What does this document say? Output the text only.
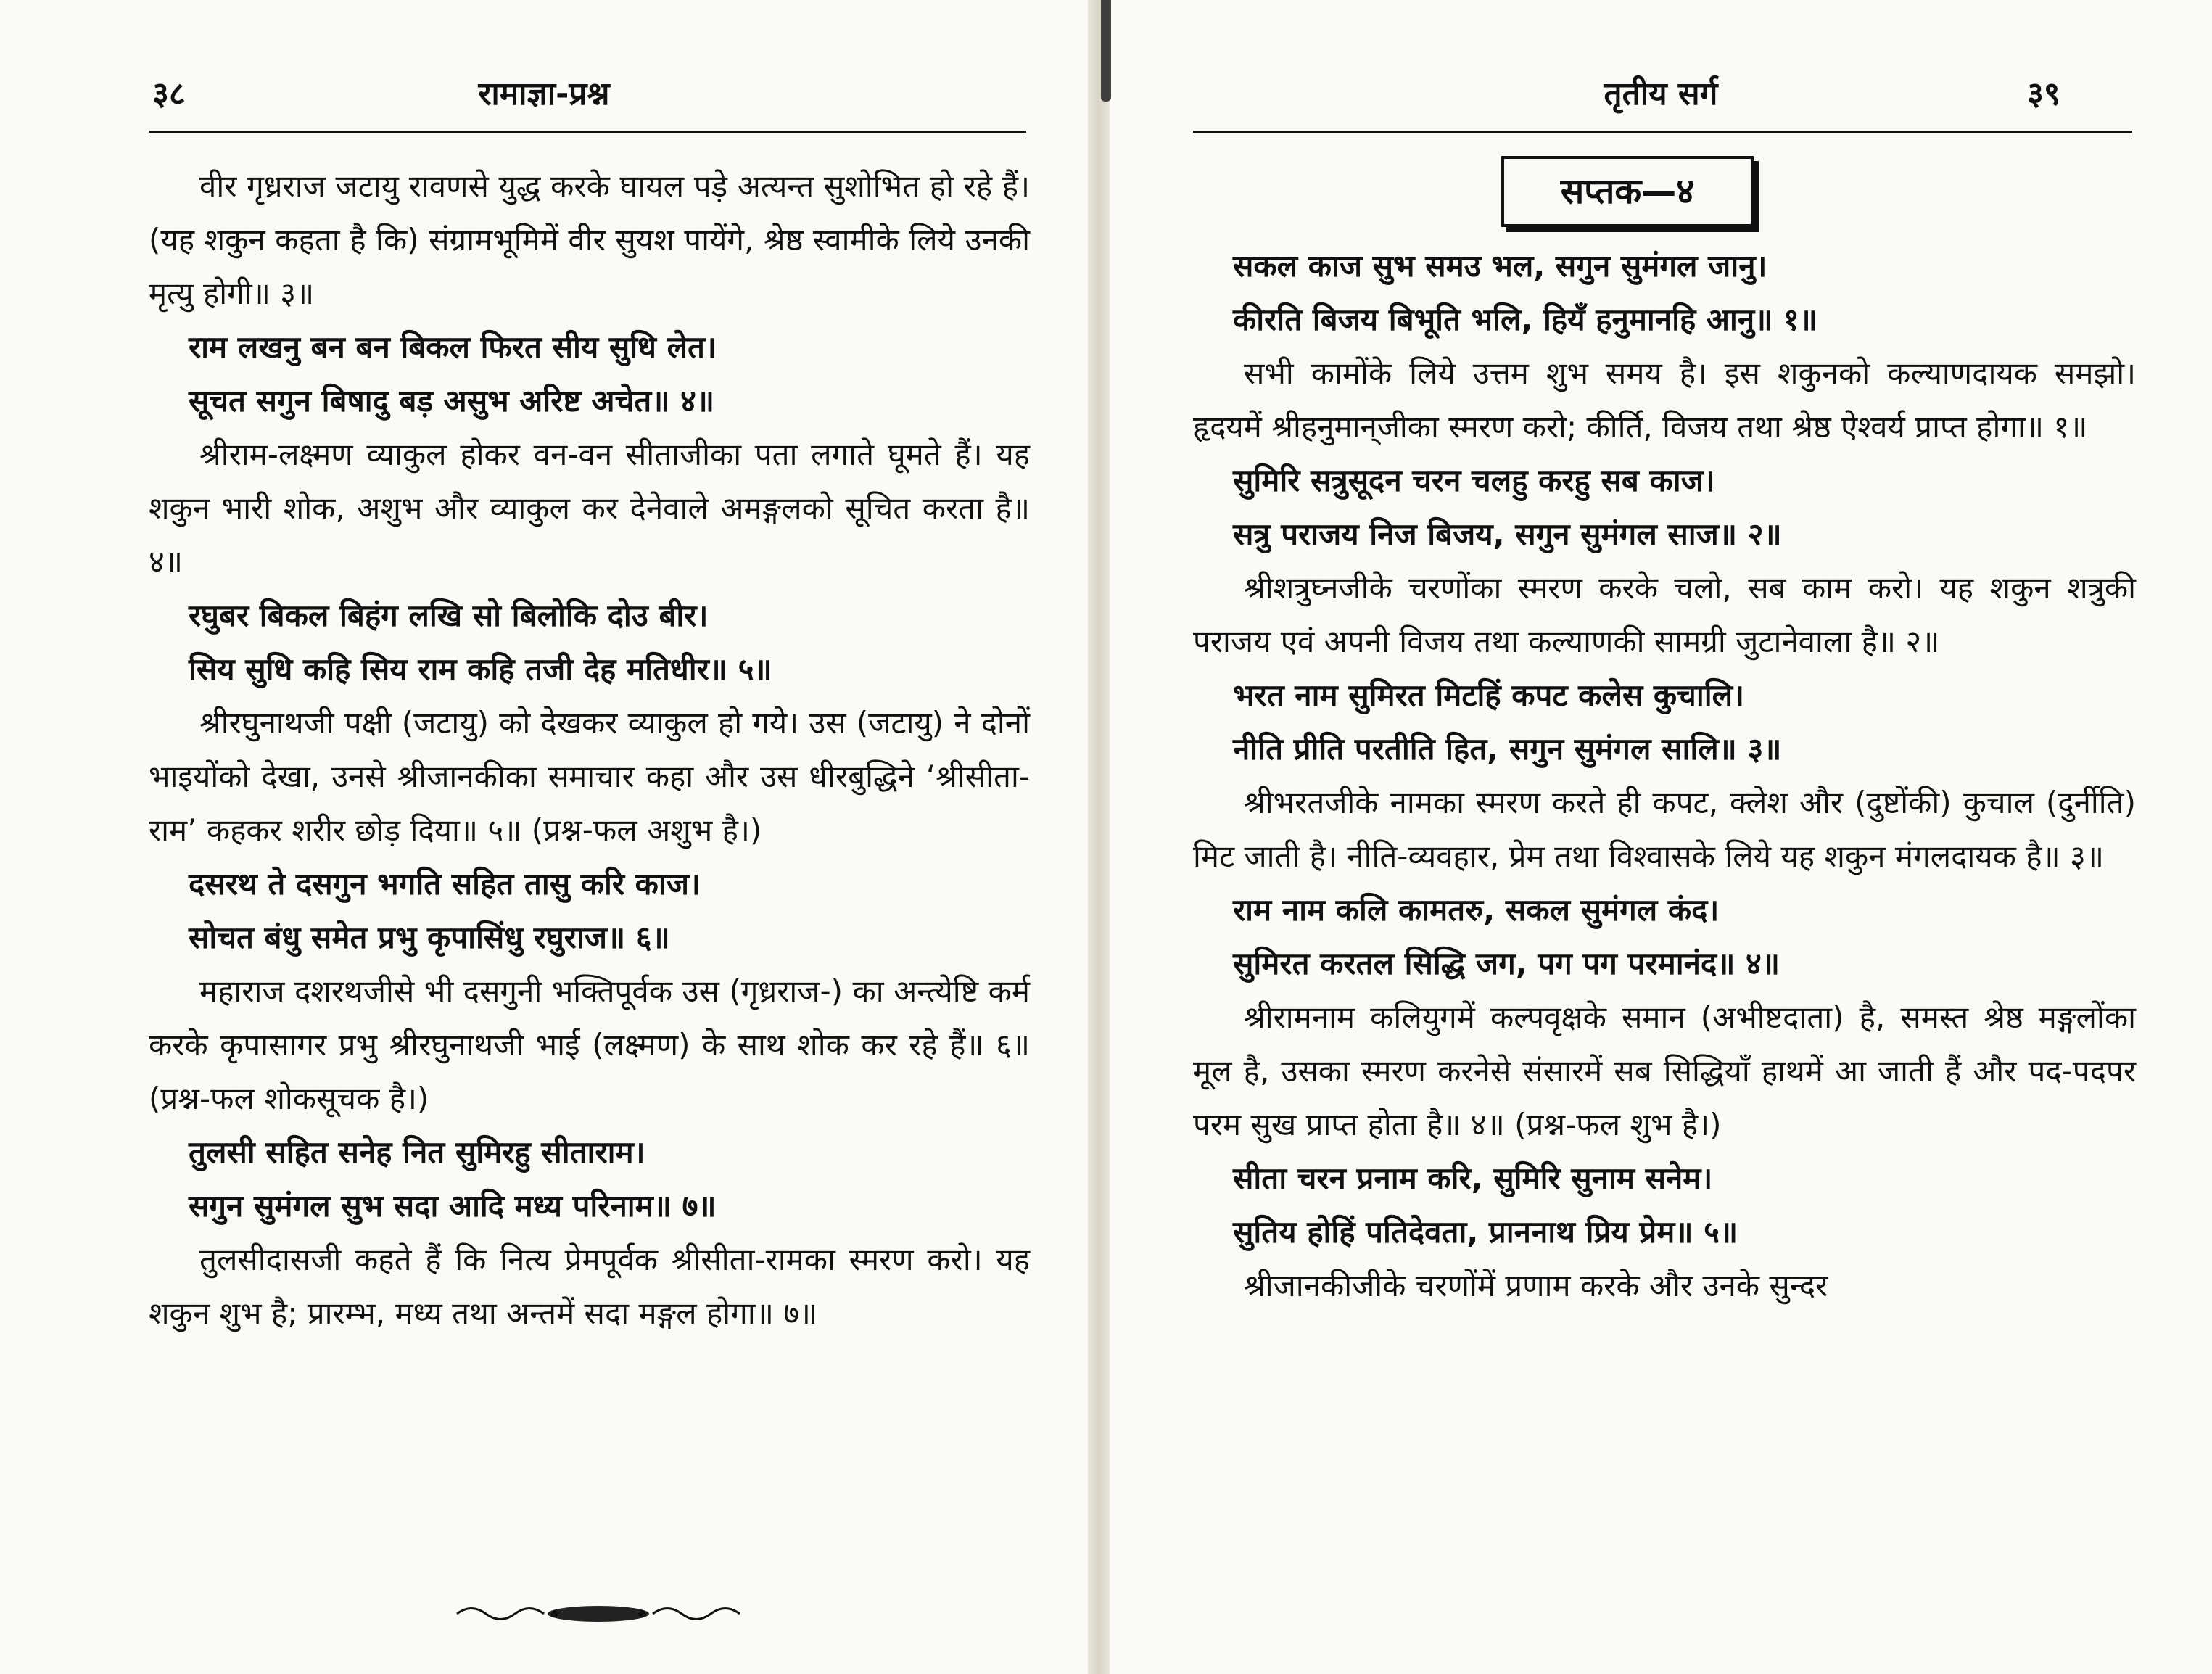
३८	रामाज्ञा-प्रश्न

वीर गृध्रराज जटायु रावणसे युद्ध करके घायल पड़े अत्यन्त सुशोभित हो रहे हैं। (यह शकुन कहता है कि) संग्रामभूमिमें वीर सुयश पायेंगे, श्रेष्ठ स्वामीके लिये उनकी मृत्यु होगी॥ ३॥

राम लखनु बन बन बिकल फिरत सीय सुधि लेत।

सूचत सगुन बिषादु बड़ असुभ अरिष्ट अचेत॥ ४॥

श्रीराम-लक्ष्मण व्याकुल होकर वन-वन सीताजीका पता लगाते घूमते हैं। यह शकुन भारी शोक, अशुभ और व्याकुल कर देनेवाले अमङ्गलको सूचित करता है॥ ४॥

रघुबर बिकल बिहंग लखि सो बिलोकि दोउ बीर।

सिय सुधि कहि सिय राम कहि तजी देह मतिधीर॥ ५॥

श्रीरघुनाथजी पक्षी (जटायु) को देखकर व्याकुल हो गये। उस (जटायु) ने दोनों भाइयोंको देखा, उनसे श्रीजानकीका समाचार कहा और उस धीरबुद्धिने ‘श्रीसीता-राम’ कहकर शरीर छोड़ दिया॥ ५॥ (प्रश्न-फल अशुभ है।)

दसरथ ते दसगुन भगति सहित तासु करि काज।

सोचत बंधु समेत प्रभु कृपासिंधु रघुराज॥ ६॥

महाराज दशरथजीसे भी दसगुनी भक्तिपूर्वक उस (गृध्रराज-) का अन्त्येष्टि कर्म करके कृपासागर प्रभु श्रीरघुनाथजी भाई (लक्ष्मण) के साथ शोक कर रहे हैं॥ ६॥ (प्रश्न-फल शोकसूचक है।)

तुलसी सहित सनेह नित सुमिरहु सीताराम।

सगुन सुमंगल सुभ सदा आदि मध्य परिनाम॥ ७॥

तुलसीदासजी कहते हैं कि नित्य प्रेमपूर्वक श्रीसीता-रामका स्मरण करो। यह शकुन शुभ है; प्रारम्भ, मध्य तथा अन्तमें सदा मङ्गल होगा॥ ७॥

तृतीय सर्ग	३९
सप्तक—४

सकल काज सुभ समउ भल, सगुन सुमंगल जानु।

कीरति बिजय बिभूति भलि, हियँ हनुमानहि आनु॥ १॥

सभी कामोंके लिये उत्तम शुभ समय है। इस शकुनको कल्याणदायक समझो। हृदयमें श्रीहनुमान्‌जीका स्मरण करो; कीर्ति, विजय तथा श्रेष्ठ ऐश्वर्य प्राप्त होगा॥ १॥

सुमिरि सत्रुसूदन चरन चलहु करहु सब काज।

सत्रु पराजय निज बिजय, सगुन सुमंगल साज॥ २॥

श्रीशत्रुघ्नजीके चरणोंका स्मरण करके चलो, सब काम करो। यह शकुन शत्रुकी पराजय एवं अपनी विजय तथा कल्याणकी सामग्री जुटानेवाला है॥ २॥

भरत नाम सुमिरत मिटहिं कपट कलेस कुचालि।

नीति प्रीति परतीति हित, सगुन सुमंगल सालि॥ ३॥

श्रीभरतजीके नामका स्मरण करते ही कपट, क्लेश और (दुष्टोंकी) कुचाल (दुर्नीति) मिट जाती है। नीति-व्यवहार, प्रेम तथा विश्वासके लिये यह शकुन मंगलदायक है॥ ३॥

राम नाम कलि कामतरु, सकल सुमंगल कंद।

सुमिरत करतल सिद्धि जग, पग पग परमानंद॥ ४॥

श्रीरामनाम कलियुगमें कल्पवृक्षके समान (अभीष्टदाता) है, समस्त श्रेष्ठ मङ्गलोंका मूल है, उसका स्मरण करनेसे संसारमें सब सिद्धियाँ हाथमें आ जाती हैं और पद-पदपर परम सुख प्राप्त होता है॥ ४॥ (प्रश्न-फल शुभ है।)

सीता चरन प्रनाम करि, सुमिरि सुनाम सनेम।

सुतिय होहिं पतिदेवता, प्राननाथ प्रिय प्रेम॥ ५॥

श्रीजानकीजीके चरणोंमें प्रणाम करके और उनके सुन्दर
